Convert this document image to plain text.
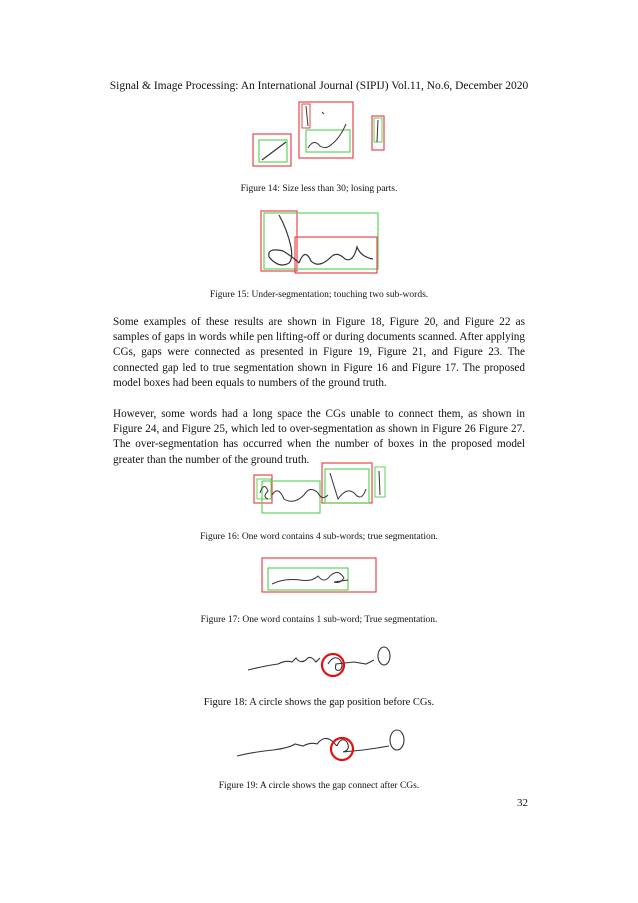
Signal & Image Processing: An International Journal (SIPIJ) Vol.11, No.6, December 2020
Figure 14: Size less than 30; losing parts.
Figure 15: Under-segmentation; touching two sub-words.

Some examples of these results are shown in Figure 18, Figure 20, and Figure 22 as samples of gaps in words while pen lifting-off or during documents scanned. After applying CGs, gaps were connected as presented in Figure 19, Figure 21, and Figure 23. The connected gap led to true segmentation shown in Figure 16 and Figure 17. The proposed model boxes had been equals to numbers of the ground truth.

However, some words had a long space the CGs unable to connect them, as shown in Figure 24, and Figure 25, which led to over-segmentation as shown in Figure 26 Figure 27. The over-segmentation has occurred when the number of boxes in the proposed model greater than the number of the ground truth.

Figure 16: One word contains 4 sub-words; true segmentation.
Figure 17: One word contains 1 sub-word; True segmentation.
Figure 18: A circle shows the gap position before CGs.
Figure 19: A circle shows the gap connect after CGs.
32
